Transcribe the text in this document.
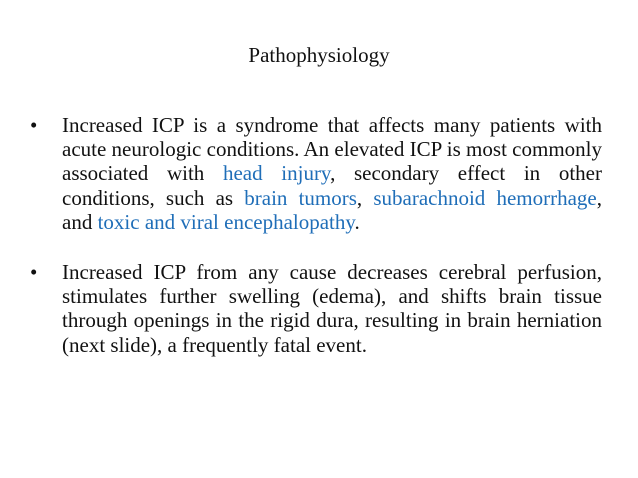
Pathophysiology
•	Increased ICP is a syndrome that affects many patients with acute neurologic conditions. An elevated ICP is most commonly associated with head injury, secondary effect in other conditions, such as brain tumors, subarachnoid hemorrhage, and toxic and viral encephalopathy.
•	Increased ICP from any cause decreases cerebral perfusion, stimulates further swelling (edema), and shifts brain tissue through openings in the rigid dura, resulting in brain herniation (next slide), a frequently fatal event.
